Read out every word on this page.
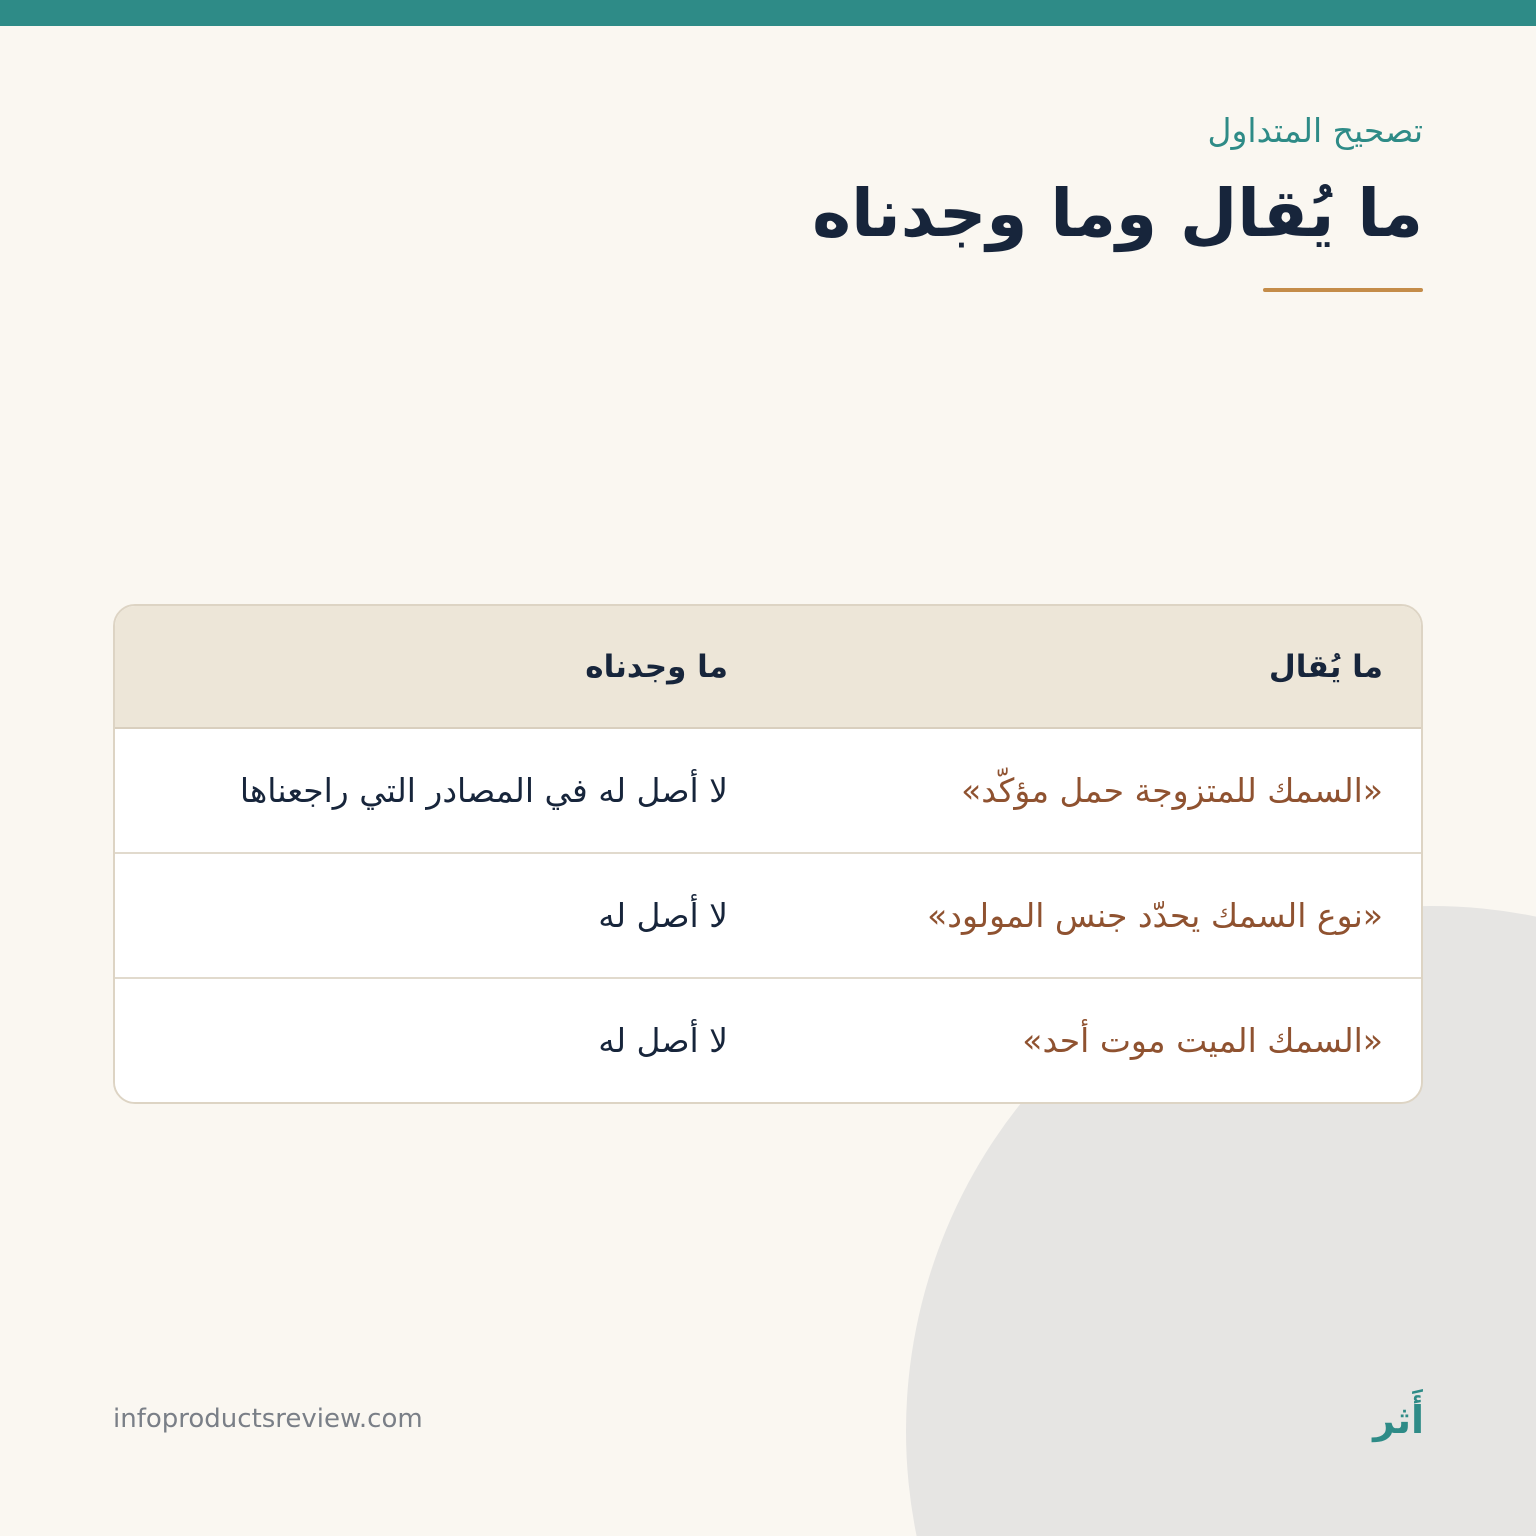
تصحيح المتداول
ما يُقال وما وجدناه
ما يُقال
ما وجدناه
«السمك للمتزوجة حمل مؤكّد»
لا أصل له في المصادر التي راجعناها
«نوع السمك يحدّد جنس المولود»
لا أصل له
«السمك الميت موت أحد»
لا أصل له
infoproductsreview.com	أَثر
